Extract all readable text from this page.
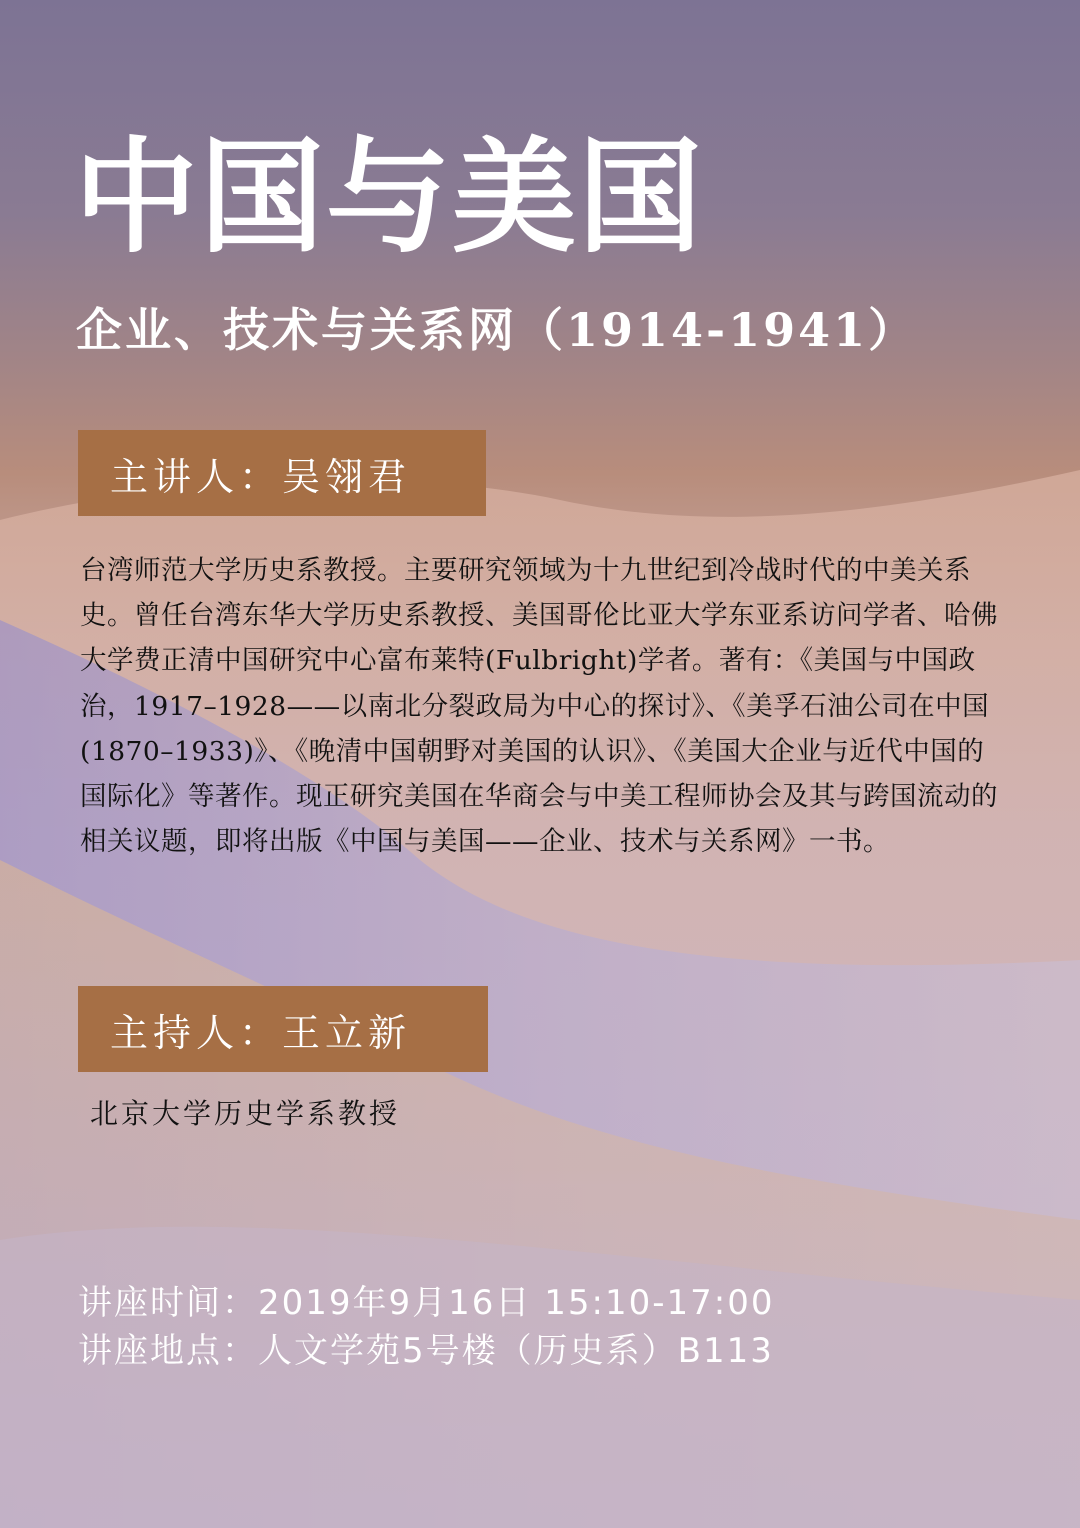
中国与美国
企业、技术与关系网（1914-1941）
主讲人：吴翎君

台湾师范大学历史系教授。主要研究领域为十九世纪到冷战时代的中美关系史。曾任台湾东华大学历史系教授、美国哥伦比亚大学东亚系访问学者、哈佛大学费正清中国研究中心富布莱特(Fulbright)学者。著有：《美国与中国政治，1917–1928——以南北分裂政局为中心的探讨》、《美孚石油公司在中国(1870–1933)》、《晚清中国朝野对美国的认识》、《美国大企业与近代中国的国际化》等著作。现正研究美国在华商会与中美工程师协会及其与跨国流动的相关议题，即将出版《中国与美国——企业、技术与关系网》一书。

主持人：王立新

北京大学历史学系教授

讲座时间：2019年9月16日 15:10-17:00

讲座地点：人文学苑5号楼（历史系）B113
